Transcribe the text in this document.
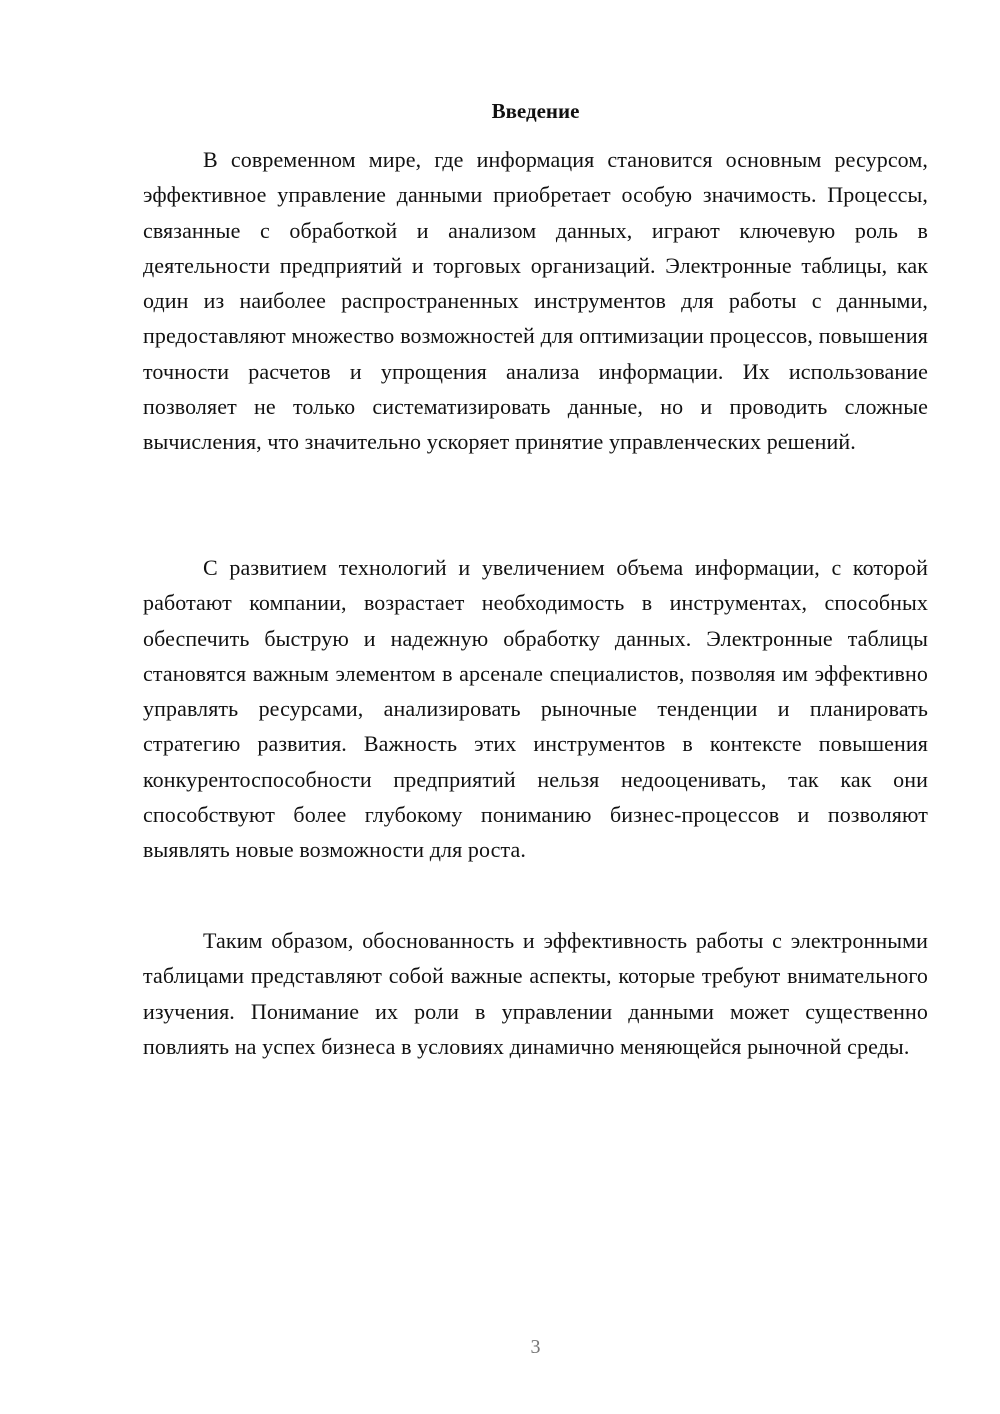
Введение

В современном мире, где информация становится основным ресурсом, эффективное управление данными приобретает особую значимость. Процессы, связанные с обработкой и анализом данных, играют ключевую роль в деятельности предприятий и торговых организаций. Электронные таблицы, как один из наиболее распространенных инструментов для работы с данными, предоставляют множество возможностей для оптимизации процессов, повышения точности расчетов и упрощения анализа информации. Их использование позволяет не только систематизировать данные, но и проводить сложные вычисления, что значительно ускоряет принятие управленческих решений.

С развитием технологий и увеличением объема информации, с которой работают компании, возрастает необходимость в инструментах, способных обеспечить быструю и надежную обработку данных. Электронные таблицы становятся важным элементом в арсенале специалистов, позволяя им эффективно управлять ресурсами, анализировать рыночные тенденции и планировать стратегию развития. Важность этих инструментов в контексте повышения конкурентоспособности предприятий нельзя недооценивать, так как они способствуют более глубокому пониманию бизнес-процессов и позволяют выявлять новые возможности для роста.

Таким образом, обоснованность и эффективность работы с электронными таблицами представляют собой важные аспекты, которые требуют внимательного изучения. Понимание их роли в управлении данными может существенно повлиять на успех бизнеса в условиях динамично меняющейся рыночной среды.

3
